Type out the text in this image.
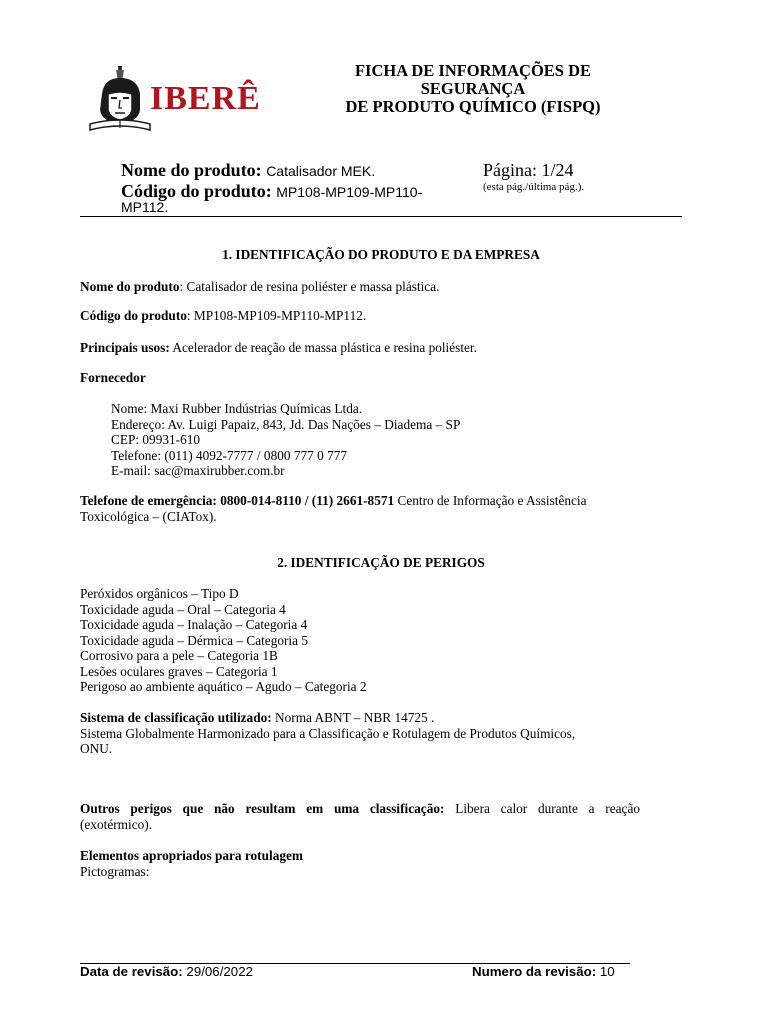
IBERÊ
FICHA DE INFORMAÇÕES DE
SEGURANÇA
DE PRODUTO QUÍMICO (FISPQ)
Nome do produto: Catalisador MEK.
Código do produto: MP108-MP109-MP110-
MP112.
Página: 1/24
(esta pág./última pág.).
1. IDENTIFICAÇÃO DO PRODUTO E DA EMPRESA
Nome do produto: Catalisador de resina poliéster e massa plástica.
Código do produto: MP108-MP109-MP110-MP112.
Principais usos: Acelerador de reação de massa plástica e resina poliéster.
Fornecedor
Nome: Maxi Rubber Indústrias Químicas Ltda.
Endereço: Av. Luigi Papaiz, 843, Jd. Das Nações – Diadema – SP
CEP: 09931-610
Telefone: (011) 4092-7777 / 0800 777 0 777
E-mail: sac@maxirubber.com.br
Telefone de emergência: 0800-014-8110 / (11) 2661-8571 Centro de Informação e Assistência
Toxicológica – (CIATox).
2. IDENTIFICAÇÃO DE PERIGOS
Peróxidos orgânicos – Tipo D
Toxicidade aguda – Oral – Categoria 4
Toxicidade aguda – Inalação – Categoria 4
Toxicidade aguda – Dérmica – Categoria 5
Corrosivo para a pele – Categoria 1B
Lesões oculares graves – Categoria 1
Perigoso ao ambiente aquático – Agudo – Categoria 2
Sistema de classificação utilizado: Norma ABNT – NBR 14725 .
Sistema Globalmente Harmonizado para a Classificação e Rotulagem de Produtos Químicos,
ONU.
Outros perigos que não resultam em uma classificação: Libera calor durante a reação
(exotérmico).
Elementos apropriados para rotulagem
Pictogramas:
Data de revisão: 29/06/2022	Numero da revisão: 10
